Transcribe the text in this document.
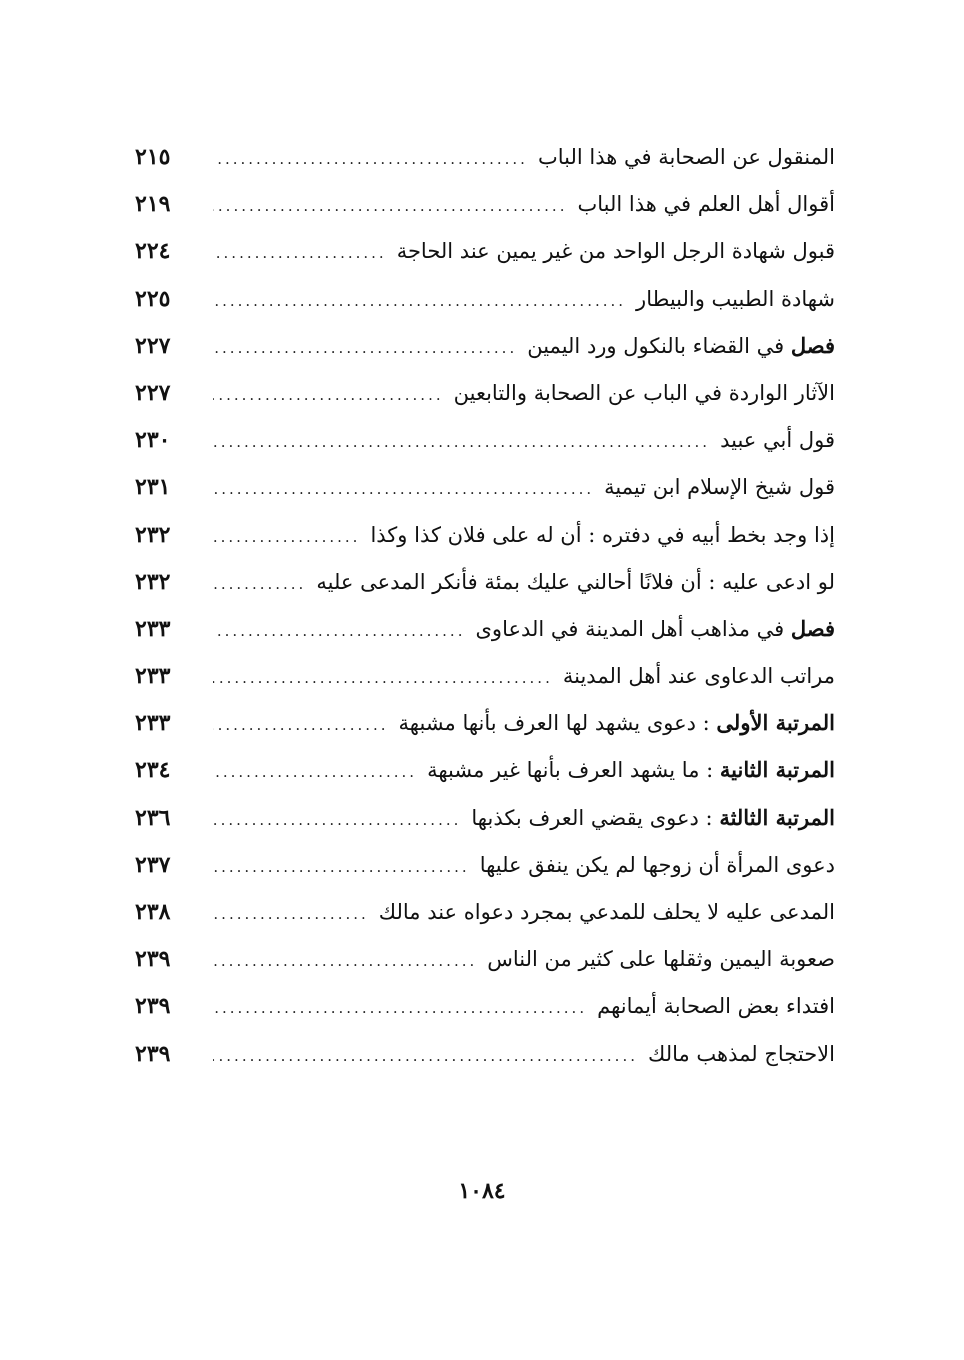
المنقول عن الصحابة في هذا الباب
.....
٢١٥
أقوال أهل العلم في هذا الباب
.....
٢١٩
قبول شهادة الرجل الواحد من غير يمين عند الحاجة
.....
٢٢٤
شهادة الطبيب والبيطار
.....
٢٢٥
فصل في القضاء بالنكول ورد اليمين
.....
٢٢٧
الآثار الواردة في الباب عن الصحابة والتابعين
.....
٢٢٧
قول أبي عبيد
.....
٢٣٠
قول شيخ الإسلام ابن تيمية
.....
٢٣١
إذا وجد بخط أبيه في دفتره : أن له على فلان كذا وكذا
.....
٢٣٢
لو ادعى عليه : أن فلانًا أحالني عليك بمئة فأنكر المدعى عليه
.....
٢٣٢
فصل في مذاهب أهل المدينة في الدعاوى
.....
٢٣٣
مراتب الدعاوى عند أهل المدينة
.....
٢٣٣
المرتبة الأولى : دعوى يشهد لها العرف بأنها مشبهة
.....
٢٣٣
المرتبة الثانية : ما يشهد العرف بأنها غير مشبهة
.....
٢٣٤
المرتبة الثالثة : دعوى يقضي العرف بكذبها
.....
٢٣٦
دعوى المرأة أن زوجها لم يكن ينفق عليها
.....
٢٣٧
المدعى عليه لا يحلف للمدعي بمجرد دعواه عند مالك
.....
٢٣٨
صعوبة اليمين وثقلها على كثير من الناس
.....
٢٣٩
افتداء بعض الصحابة أيمانهم
.....
٢٣٩
الاحتجاج لمذهب مالك
.....
٢٣٩
١٠٨٤
